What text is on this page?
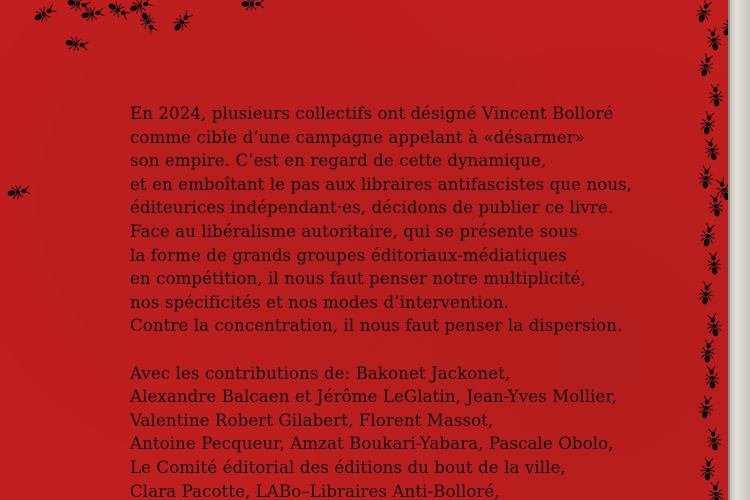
En 2024, plusieurs collectifs ont désigné Vincent Bolloré

comme cible d’une campagne appelant à «désarmer»

son empire. C’est en regard de cette dynamique,

et en emboîtant le pas aux libraires antifascistes que nous,

éditeurices indépendant·es, décidons de publier ce livre.

Face au libéralisme autoritaire, qui se présente sous

la forme de grands groupes éditoriaux-médiatiques

en compétition, il nous faut penser notre multiplicité,

nos spécificités et nos modes d’intervention.

Contre la concentration, il nous faut penser la dispersion.

Avec les contributions de: Bakonet Jackonet,

Alexandre Balcaen et Jérôme LeGlatin, Jean-Yves Mollier,

Valentine Robert Gilabert, Florent Massot,

Antoine Pecqueur, Amzat Boukari-Yabara, Pascale Obolo,

Le Comité éditorial des éditions du bout de la ville,

Clara Pacotte, LABo–Libraires Anti-Bolloré,
